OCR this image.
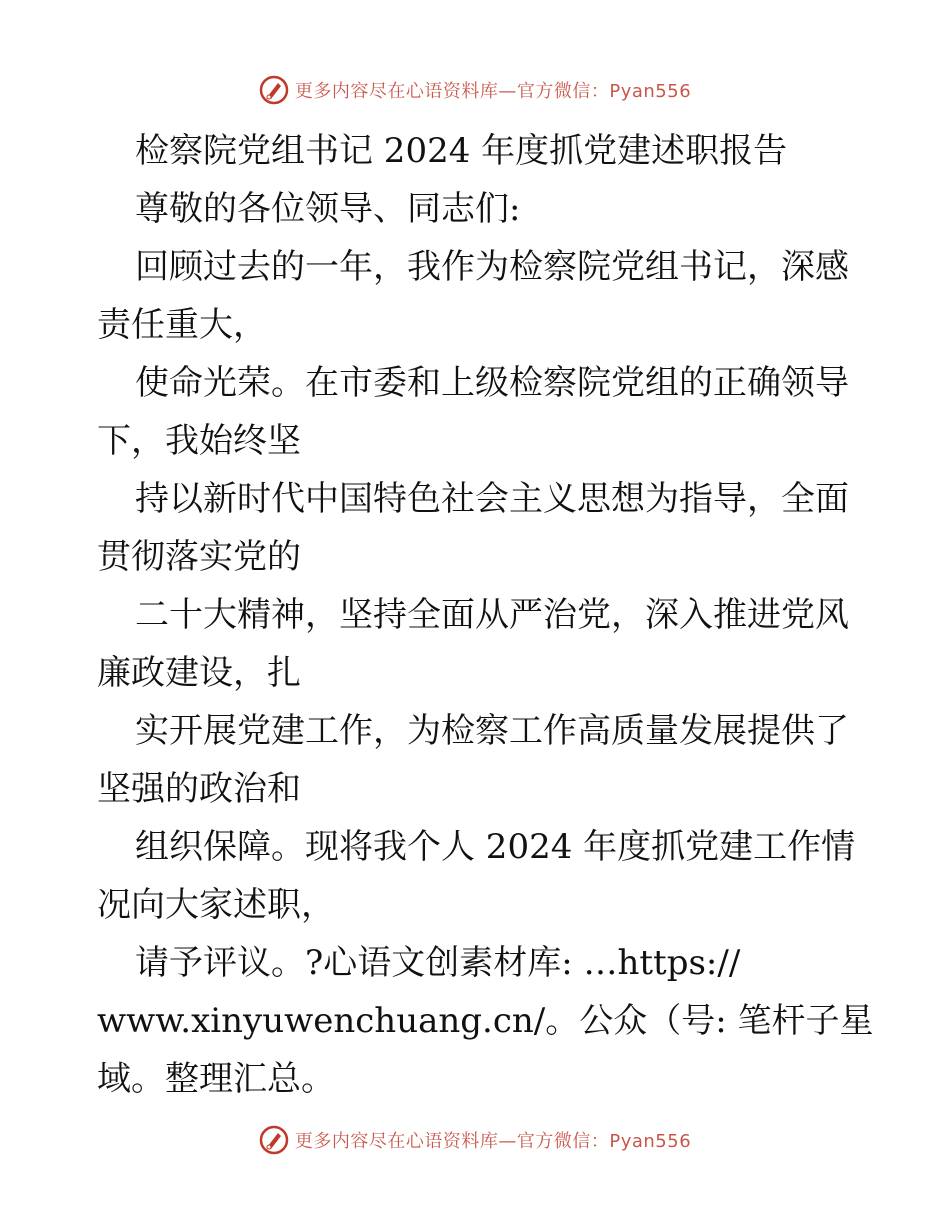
更多内容尽在心语资料库—官方微信：Pyan556
检察院党组书记 2024 年度抓党建述职报告
尊敬的各位领导、同志们:
回顾过去的一年，我作为检察院党组书记，深感
责任重大，
使命光荣。在市委和上级检察院党组的正确领导
下，我始终坚
持以新时代中国特色社会主义思想为指导，全面
贯彻落实党的
二十大精神，坚持全面从严治党，深入推进党风
廉政建设，扎
实开展党建工作，为检察工作高质量发展提供了
坚强的政治和
组织保障。现将我个人 2024 年度抓党建工作情
况向大家述职，
请予评议。?心语文创素材库: …https://
www.xinyuwenchuang.cn/。公众（号: 笔杆子星
域。整理汇总。
更多内容尽在心语资料库—官方微信：Pyan556
